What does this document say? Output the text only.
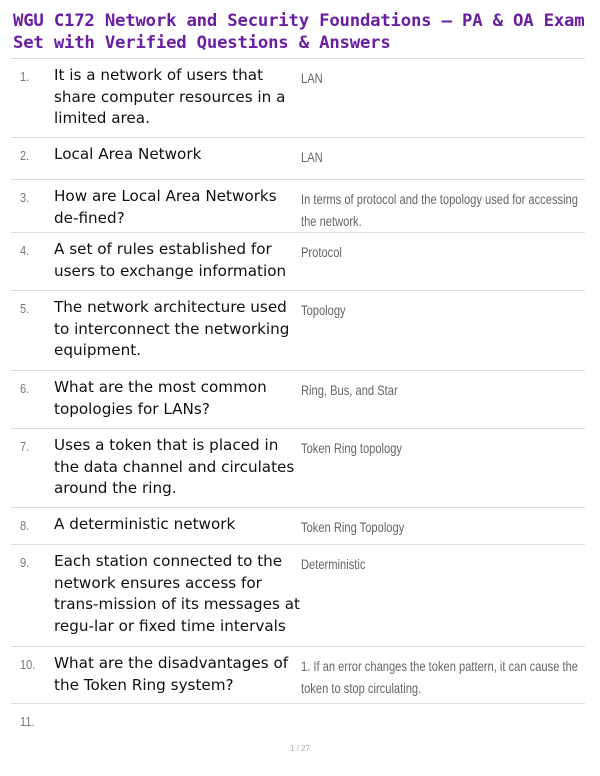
WGU C172 Network and Security Foundations – PA & OA Exam Set with Verified Questions & Answers
1. It is a network of users that share computer resources in a limited area.
LAN
2. Local Area Network	LAN
3. How are Local Area Networks de-fined?
In terms of protocol and the topology used for accessing the network.
4. A set of rules established for users to exchange information
Protocol
5. The network architecture used to interconnect the networking equipment.
Topology
6. What are the most common topologies for LANs?
Ring, Bus, and Star
7. Uses a token that is placed in the data channel and circulates around the ring.
Token Ring topology
8. A deterministic network	Token Ring Topology
9. Each station connected to the network ensures access for trans-mission of its messages at regu-lar or fixed time intervals
Deterministic
10. What are the disadvantages of the Token Ring system?
1. If an error changes the token pattern, it can cause the token to stop circulating.
11.
1 / 27
